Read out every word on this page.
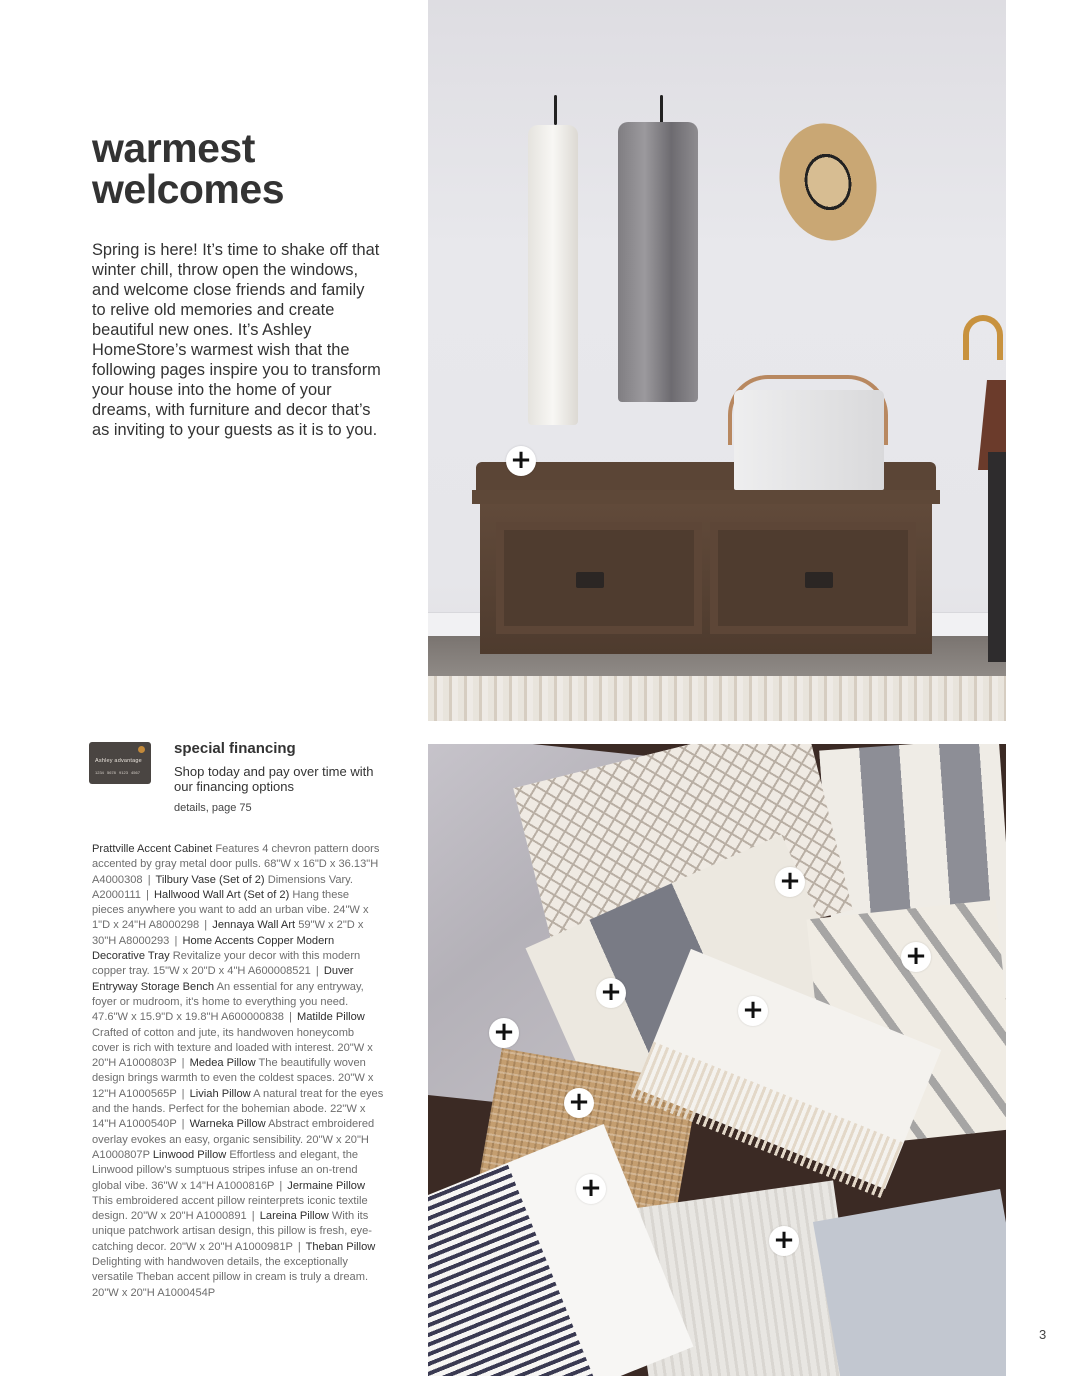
warmest
welcomes

Spring is here! It’s time to shake off that winter chill, throw open the windows, and welcome close friends and family to relive old memories and create beautiful new ones. It’s Ashley HomeStore’s warmest wish that the following pages inspire you to transform your house into the home of your dreams, with furniture and decor that’s as inviting to your guests as it is to you.

Ashley advantage
1234 5678 9123 4567
special financing

Shop today and pay over time with our financing options

details, page 75

Prattville Accent Cabinet Features 4 chevron pattern doors accented by gray metal door pulls. 68"W x 16"D x 36.13"H A4000308 | Tilbury Vase (Set of 2) Dimensions Vary. A2000111 | Hallwood Wall Art (Set of 2) Hang these pieces anywhere you want to add an urban vibe. 24"W x 1"D x 24"H A8000298 | Jennaya Wall Art 59"W x 2"D x 30"H A8000293 | Home Accents Copper Modern Decorative Tray Revitalize your decor with this modern copper tray. 15"W x 20"D x 4"H A600008521 | Duver Entryway Storage Bench An essential for any entryway, foyer or mudroom, it's home to everything you need. 47.6"W x 15.9"D x 19.8"H A600000838 | Matilde Pillow Crafted of cotton and jute, its handwoven honeycomb cover is rich with texture and loaded with interest. 20"W x 20"H A1000803P | Medea Pillow The beautifully woven design brings warmth to even the coldest spaces. 20"W x 12"H A1000565P | Liviah Pillow A natural treat for the eyes and the hands. Perfect for the bohemian abode. 22"W x 14"H A1000540P | Warneka Pillow Abstract embroidered overlay evokes an easy, organic sensibility. 20"W x 20"H A1000807P Linwood Pillow Effortless and elegant, the Linwood pillow’s sumptuous stripes infuse an on-trend global vibe. 36"W x 14"H A1000816P | Jermaine Pillow This embroidered accent pillow reinterprets iconic textile design. 20"W x 20"H A1000891 | Lareina Pillow With its unique patchwork artisan design, this pillow is fresh, eye-catching decor. 20"W x 20"H A1000981P | Theban Pillow Delighting with handwoven details, the exceptionally versatile Theban accent pillow in cream is truly a dream. 20"W x 20"H A1000454P

3
+
+
+
+
+
+
+
+
+
